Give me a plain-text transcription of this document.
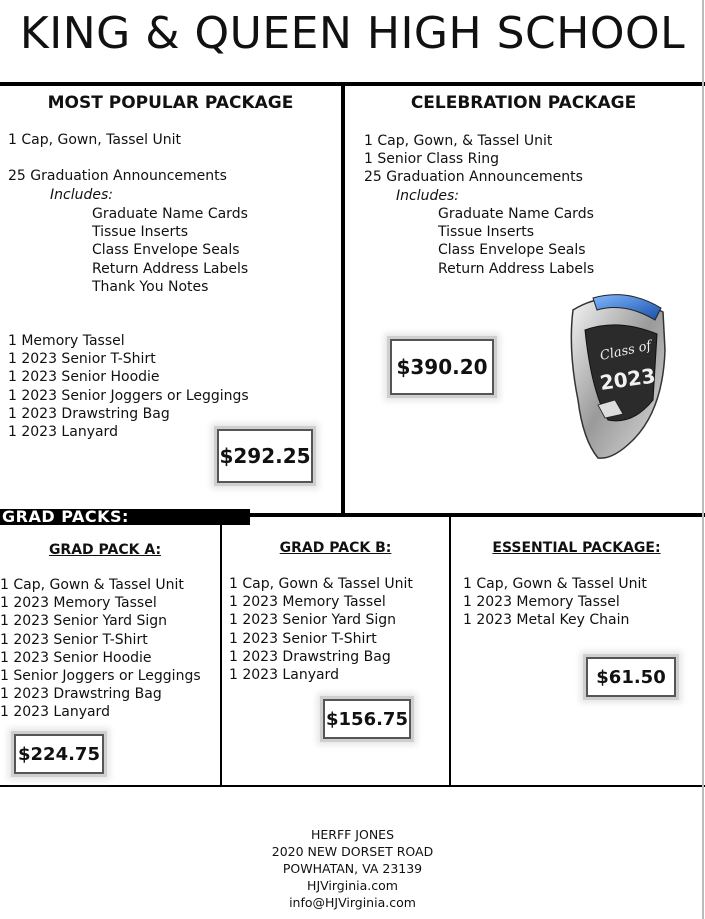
KING & QUEEN HIGH SCHOOL
MOST POPULAR PACKAGE
1 Cap, Gown, Tassel Unit
25 Graduation Announcements
Includes:
Graduate Name Cards
Tissue Inserts
Class Envelope Seals
Return Address Labels
Thank You Notes
1 Memory Tassel
1 2023 Senior T-Shirt
1 2023 Senior Hoodie
1 2023 Senior Joggers or Leggings
1 2023 Drawstring Bag
1 2023 Lanyard
$292.25
CELEBRATION PACKAGE
1 Cap, Gown, & Tassel Unit
1 Senior Class Ring
25 Graduation Announcements
Includes:
Graduate Name Cards
Tissue Inserts
Class Envelope Seals
Return Address Labels
$390.20
Class of
2023
GRAD PACKS:
GRAD PACK A:
1 Cap, Gown & Tassel Unit
1 2023 Memory Tassel
1 2023 Senior Yard Sign
1 2023 Senior T-Shirt
1 2023 Senior Hoodie
1 Senior Joggers or Leggings
1 2023 Drawstring Bag
1 2023 Lanyard
$224.75
GRAD PACK B:
1 Cap, Gown & Tassel Unit
1 2023 Memory Tassel
1 2023 Senior Yard Sign
1 2023 Senior T-Shirt
1 2023 Drawstring Bag
1 2023 Lanyard
$156.75
ESSENTIAL PACKAGE:
1 Cap, Gown & Tassel Unit
1 2023 Memory Tassel
1 2023 Metal Key Chain
$61.50
HERFF JONES
2020 NEW DORSET ROAD
POWHATAN, VA 23139
HJVirginia.com
info@HJVirginia.com
